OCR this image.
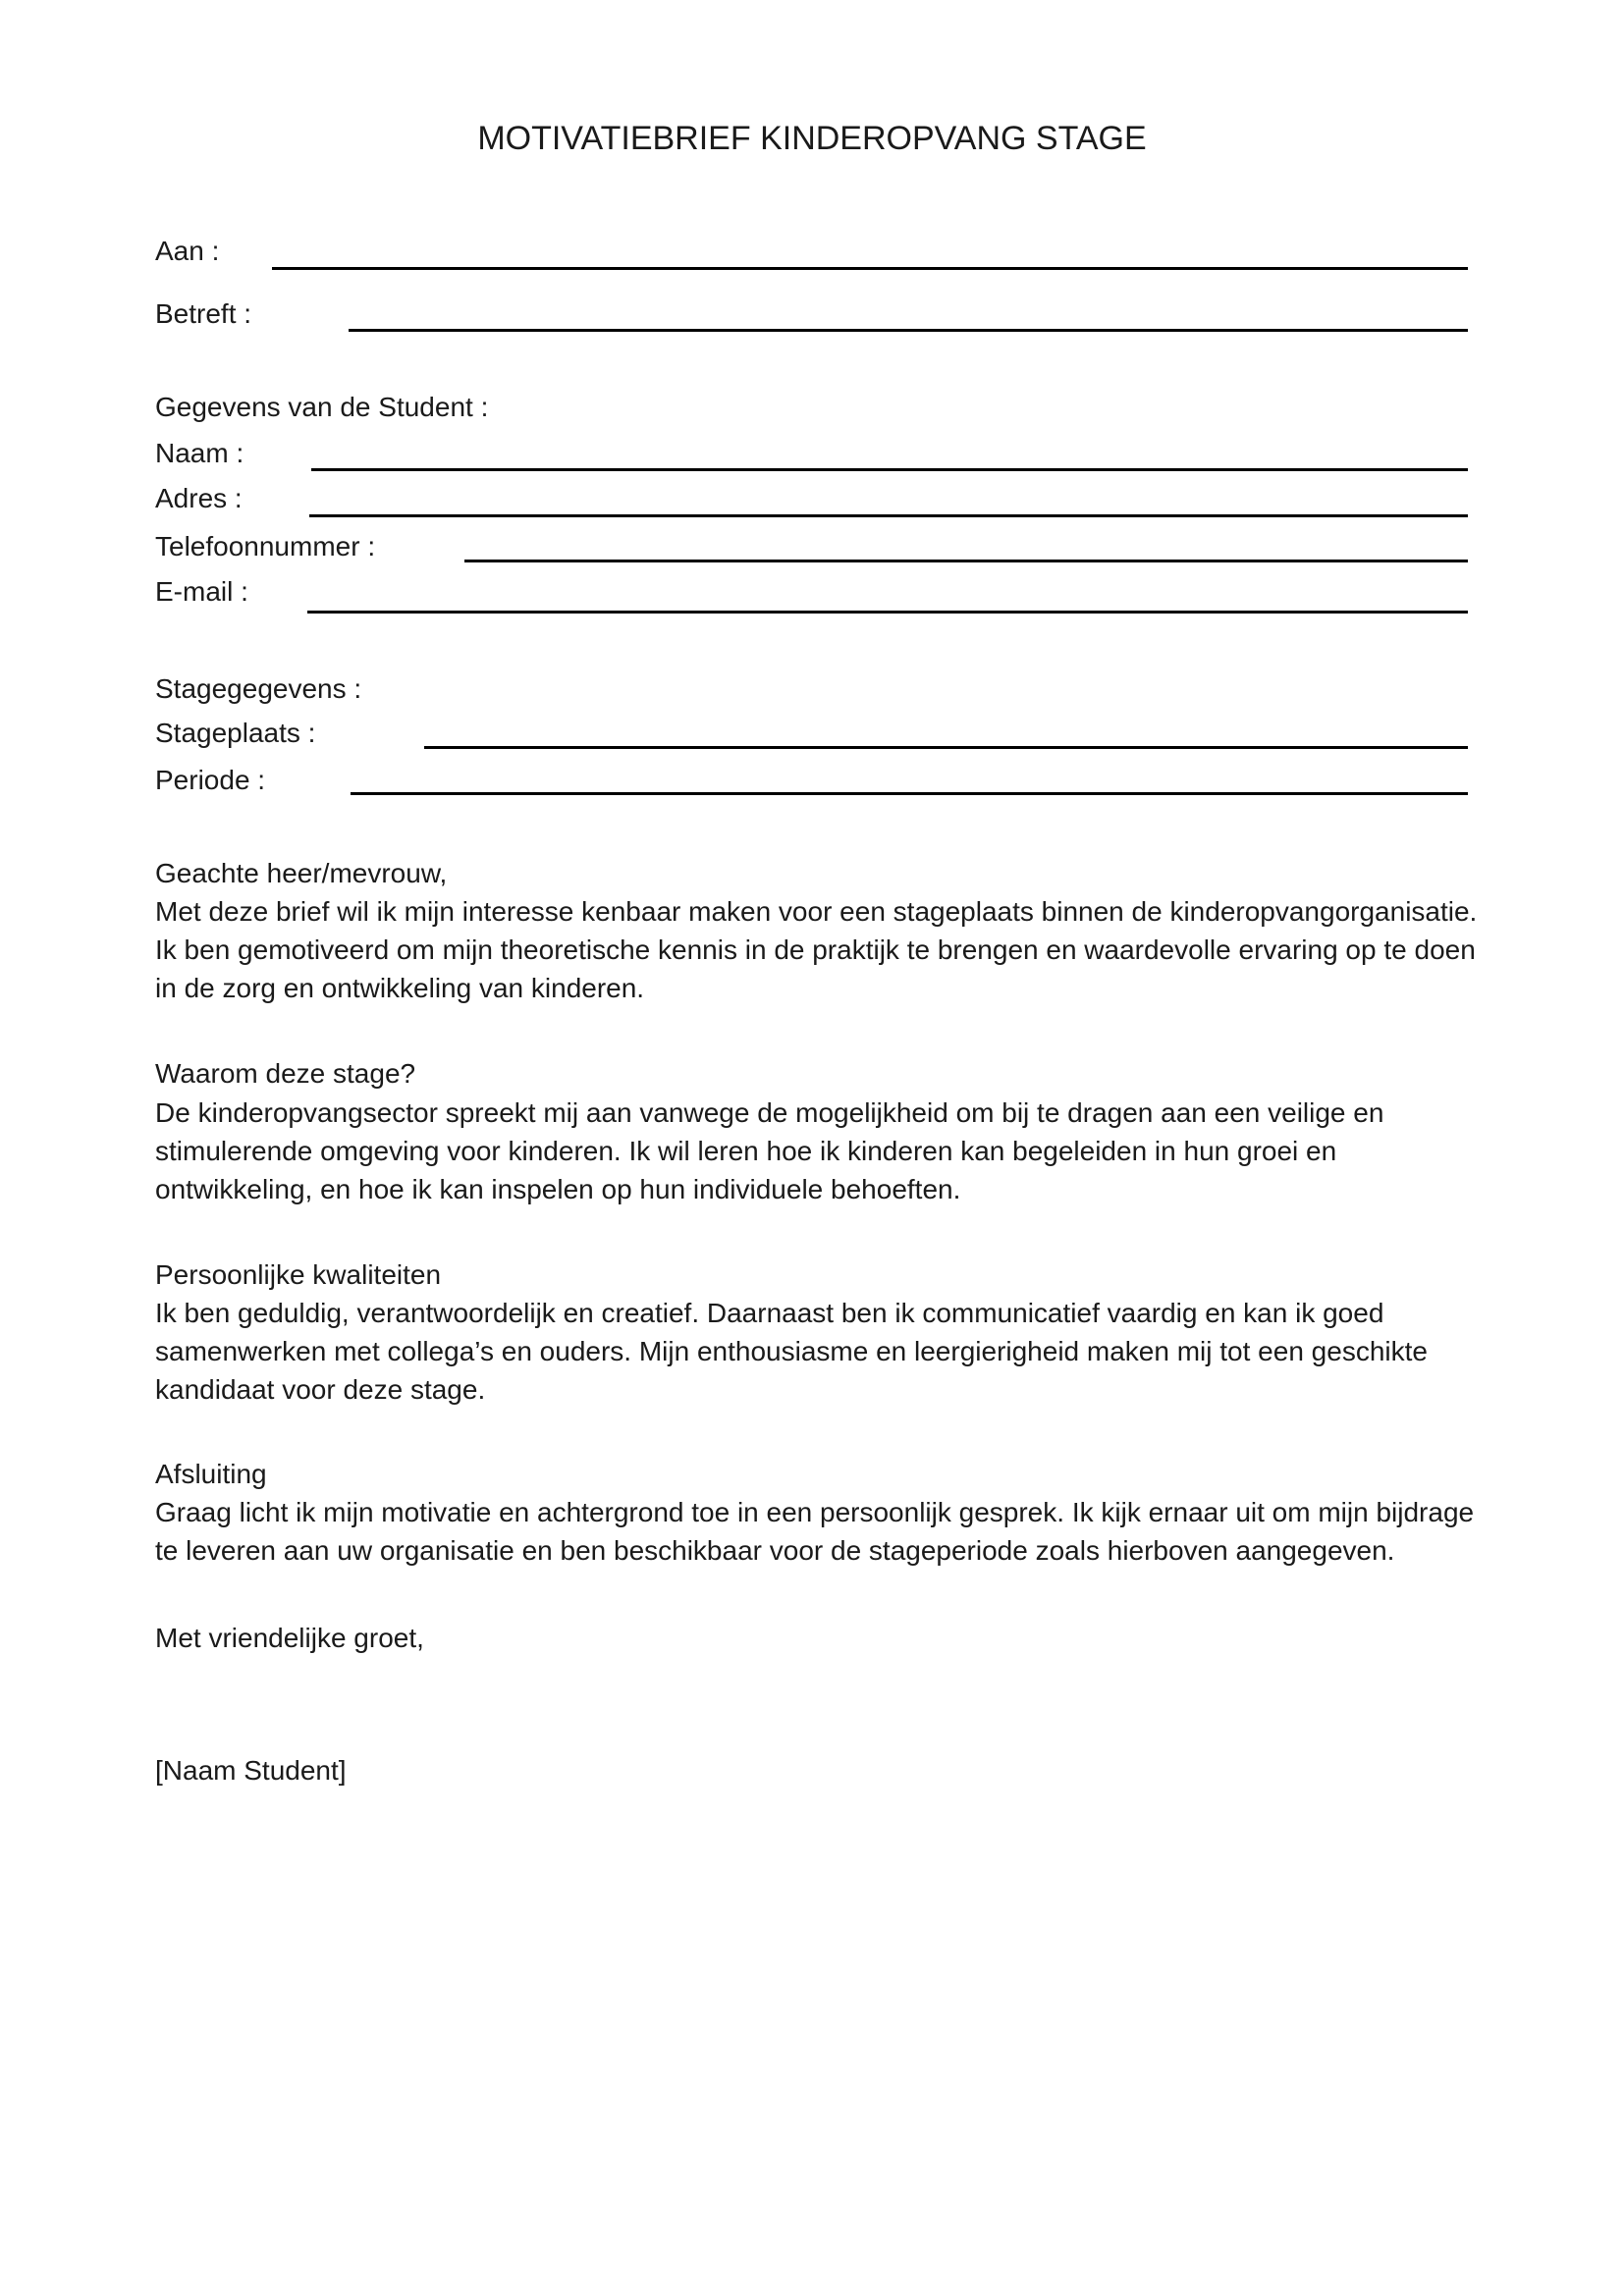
MOTIVATIEBRIEF KINDEROPVANG STAGE
Aan :
Betreft :
Gegevens van de Student :
Naam :
Adres :
Telefoonnummer :
E-mail :
Stagegegevens :
Stageplaats :
Periode :

Geachte heer/mevrouw,

Met deze brief wil ik mijn interesse kenbaar maken voor een stageplaats binnen de kinderopvangorganisatie. Ik ben gemotiveerd om mijn theoretische kennis in de praktijk te brengen en waardevolle ervaring op te doen in de zorg en ontwikkeling van kinderen.

Waarom deze stage?
De kinderopvangsector spreekt mij aan vanwege de mogelijkheid om bij te dragen aan een veilige en stimulerende omgeving voor kinderen. Ik wil leren hoe ik kinderen kan begeleiden in hun groei en ontwikkeling, en hoe ik kan inspelen op hun individuele behoeften.
Persoonlijke kwaliteiten
Ik ben geduldig, verantwoordelijk en creatief. Daarnaast ben ik communicatief vaardig en kan ik goed samenwerken met collega’s en ouders. Mijn enthousiasme en leergierigheid maken mij tot een geschikte kandidaat voor deze stage.
Afsluiting
Graag licht ik mijn motivatie en achtergrond toe in een persoonlijk gesprek. Ik kijk ernaar uit om mijn bijdrage te leveren aan uw organisatie en ben beschikbaar voor de stageperiode zoals hierboven aangegeven.
Met vriendelijke groet,
[Naam Student]
